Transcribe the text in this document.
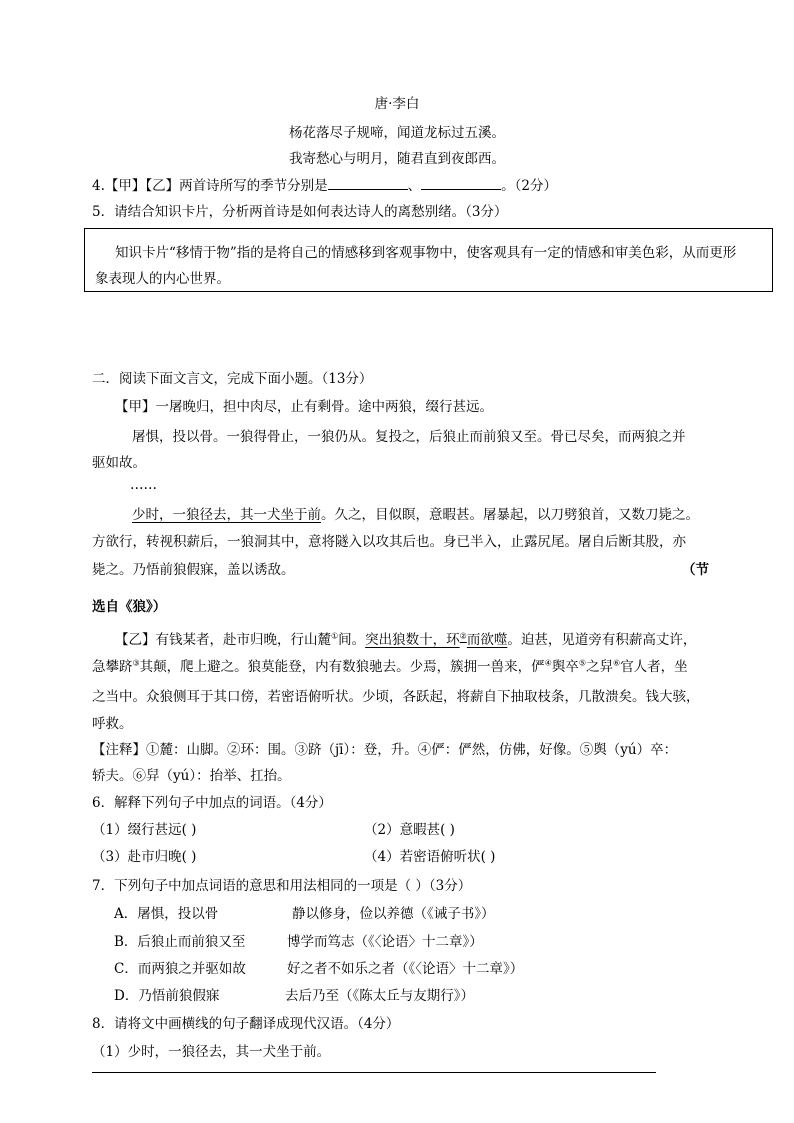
唐·李白
杨花落尽子规啼，闻道龙标过五溪。
我寄愁心与明月，随君直到夜郎西。
4.【甲】【乙】两首诗所写的季节分别是	、	。（2分）
5．请结合知识卡片，分析两首诗是如何表达诗人的离愁别绪。（3分）

知识卡片“移情于物”指的是将自己的情感移到客观事物中，使客观具有一定的情感和审美色彩，从而更形

象表现人的内心世界。

二．阅读下面文言文，完成下面小题。（13分）
【甲】一屠晚归，担中肉尽，止有剩骨。途中两狼，缀行甚远。
屠惧，投以骨。一狼得骨止，一狼仍从。复投之，后狼止而前狼又至。骨已尽矣，而两狼之并
驱如故。
……
少时，一狼径去，其一犬坐于前。久之，目似瞑，意暇甚。屠暴起，以刀劈狼首，又数刀毙之。
方欲行，转视积薪后，一狼洞其中，意将隧入以攻其后也。身已半入，止露尻尾。屠自后断其股，亦
毙之。乃悟前狼假寐，盖以诱敌。	（节
选自《狼》）
【乙】有钱某者，赴市归晚，行山麓①间。突出狼数十，环②而欲噬。迫甚，见道旁有积薪高丈许，
急攀跻③其颠，爬上避之。狼莫能登，内有数狼驰去。少焉，簇拥一兽来，俨④舆卒⑤之舁⑥官人者，坐
之当中。众狼侧耳于其口傍，若密语俯听状。少顷，各跃起，将薪自下抽取枝条，几散溃矣。钱大骇，
呼救。
【注释】①麓：山脚。②环：围。③跻（jī）：登，升。④俨：俨然，仿佛，好像。⑤舆（yú）卒：
轿夫。⑥舁（yú）：抬举、扛抬。
6．解释下列句子中加点的词语。（4分）
（1）缀行甚远( )	（2）意暇甚( )
（3）赴市归晚( )	（4）若密语俯听状( )
7．下列句子中加点词语的意思和用法相同的一项是（ ）（3分）
A．屠惧，投以骨	静以修身，俭以养德（《诫子书》）
B．后狼止而前狼又至	博学而笃志（《〈论语〉十二章》）
C．而两狼之并驱如故	好之者不如乐之者（《〈论语〉十二章》）
D．乃悟前狼假寐	去后乃至（《陈太丘与友期行》）
8．请将文中画横线的句子翻译成现代汉语。（4分）
（1）少时，一狼径去，其一犬坐于前。
